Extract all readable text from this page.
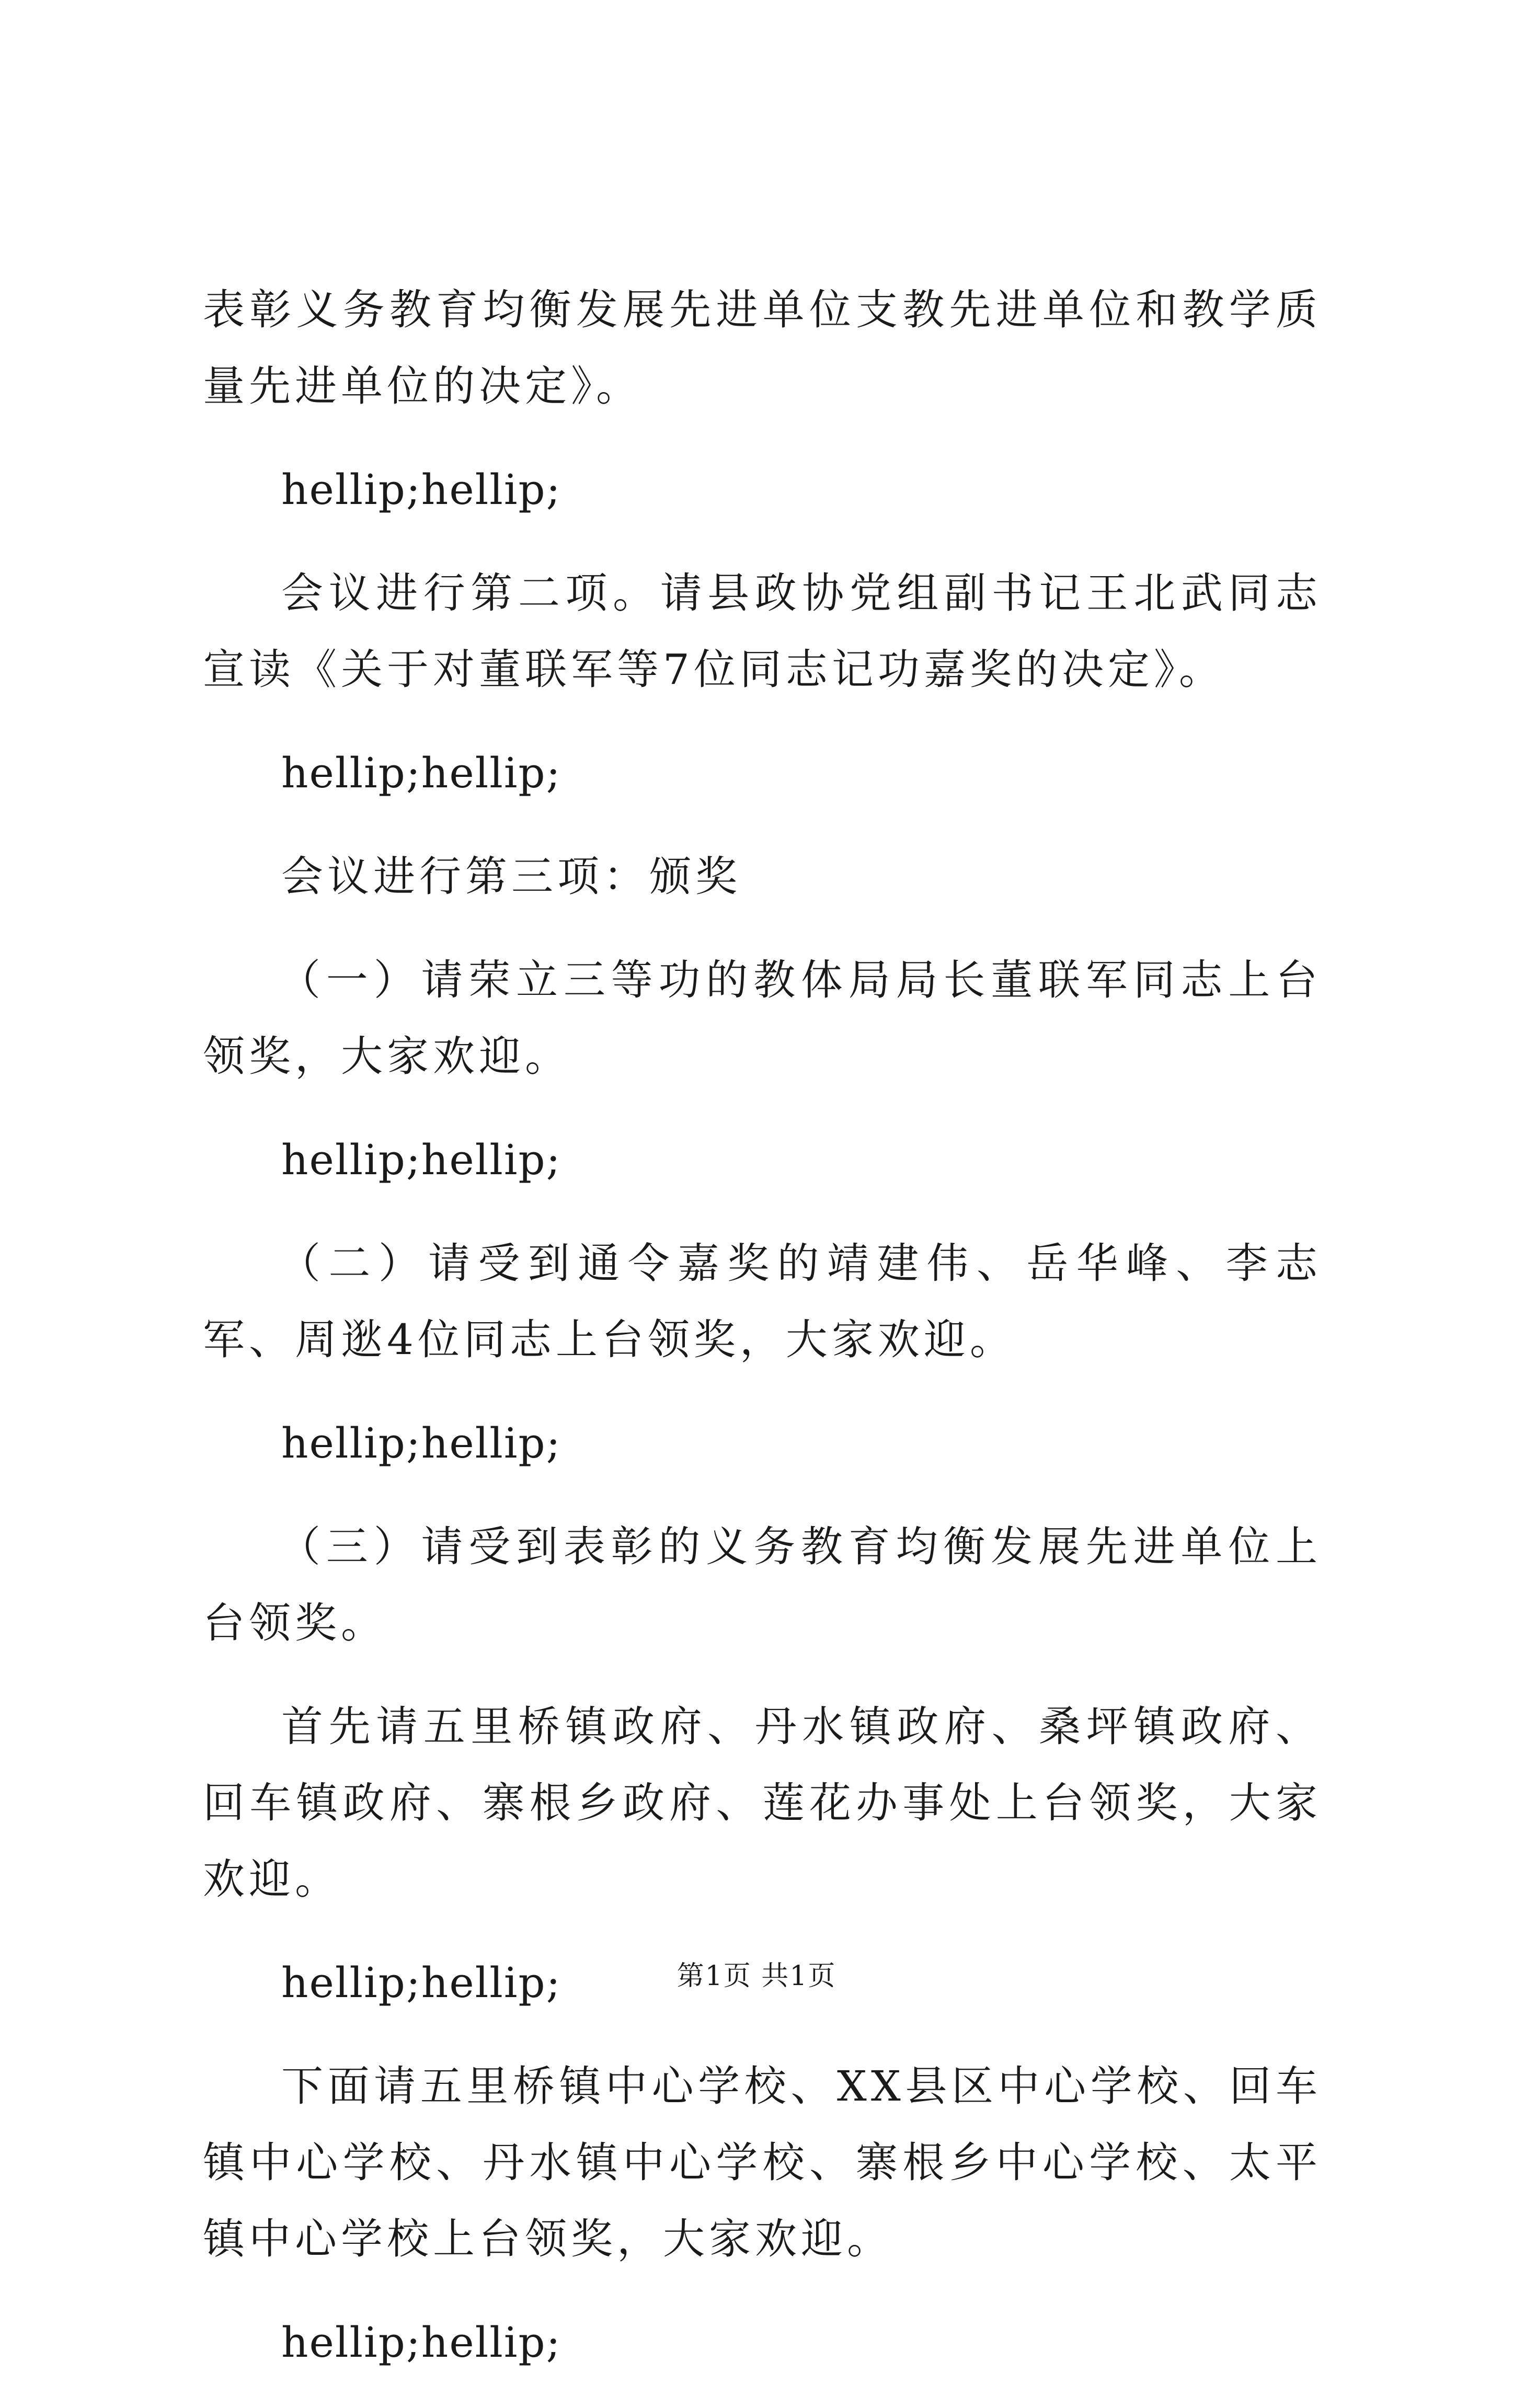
表彰义务教育均衡发展先进单位支教先进单位和教学质量先进单位的决定》。

hellip;hellip;

会议进行第二项。请县政协党组副书记王北武同志宣读《关于对董联军等7位同志记功嘉奖的决定》。

hellip;hellip;

会议进行第三项：颁奖

（一）请荣立三等功的教体局局长董联军同志上台领奖，大家欢迎。

hellip;hellip;

（二）请受到通令嘉奖的靖建伟、岳华峰、李志军、周逖4位同志上台领奖，大家欢迎。

hellip;hellip;

（三）请受到表彰的义务教育均衡发展先进单位上台领奖。

首先请五里桥镇政府、丹水镇政府、桑坪镇政府、回车镇政府、寨根乡政府、莲花办事处上台领奖，大家欢迎。

hellip;hellip;

下面请五里桥镇中心学校、XX县区中心学校、回车镇中心学校、丹水镇中心学校、寨根乡中心学校、太平镇中心学校上台领奖，大家欢迎。

hellip;hellip;

第1页 共1页
